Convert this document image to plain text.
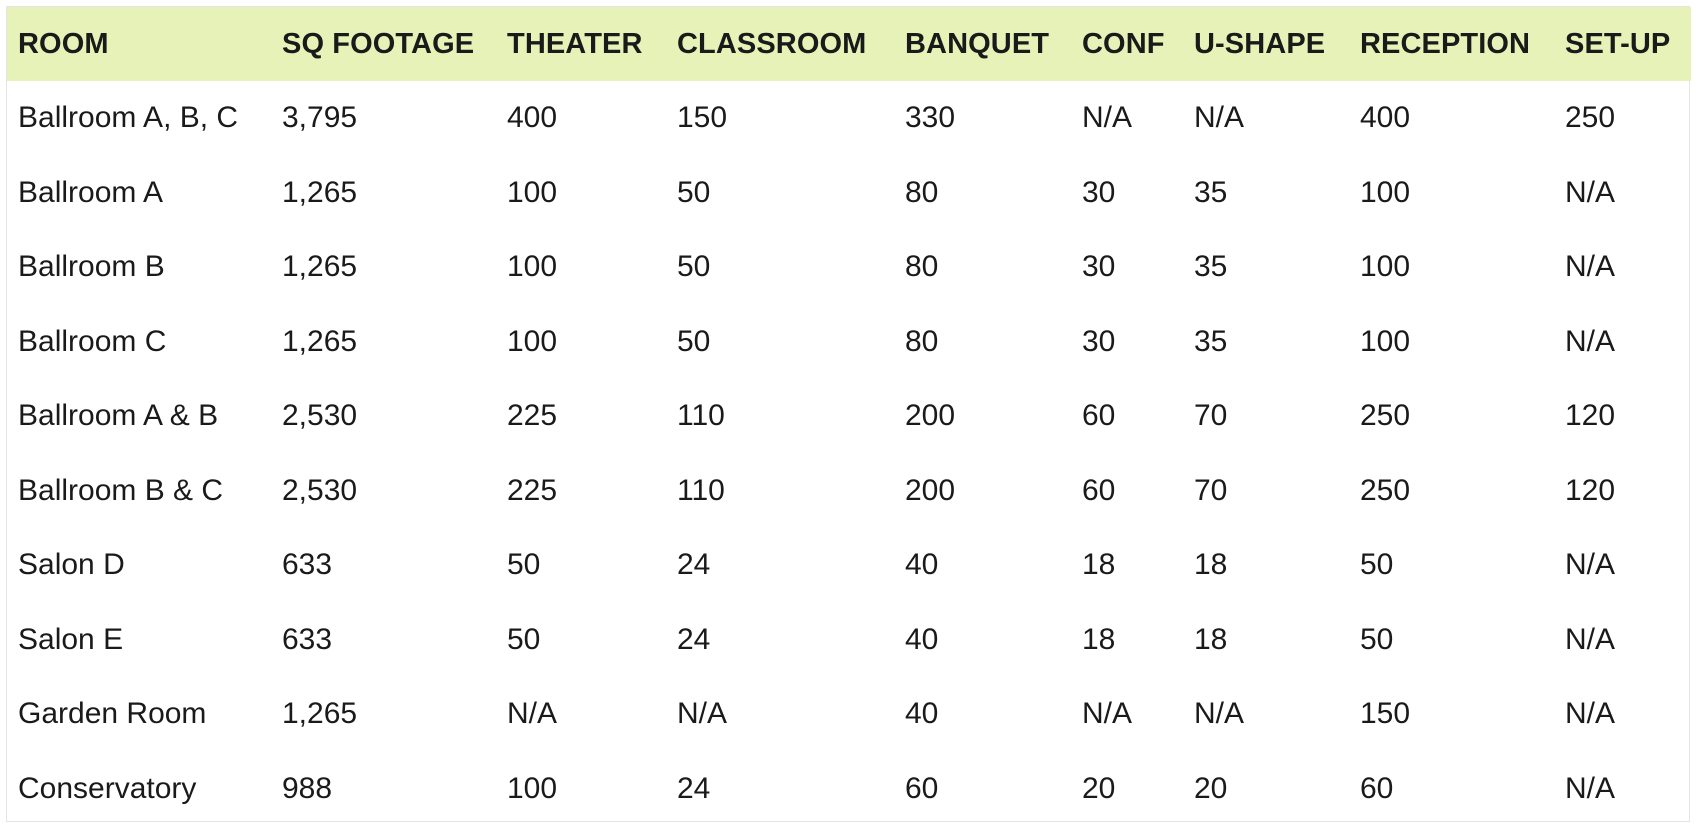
ROOM	SQ FOOTAGE	THEATER	CLASSROOM	BANQUET	CONF	U-SHAPE	RECEPTION	SET-UP
Ballroom A, B, C	3,795	400	150	330	N/A	N/A	400	250
Ballroom A	1,265	100	50	80	30	35	100	N/A
Ballroom B	1,265	100	50	80	30	35	100	N/A
Ballroom C	1,265	100	50	80	30	35	100	N/A
Ballroom A & B	2,530	225	110	200	60	70	250	120
Ballroom B & C	2,530	225	110	200	60	70	250	120
Salon D	633	50	24	40	18	18	50	N/A
Salon E	633	50	24	40	18	18	50	N/A
Garden Room	1,265	N/A	N/A	40	N/A	N/A	150	N/A
Conservatory	988	100	24	60	20	20	60	N/A
